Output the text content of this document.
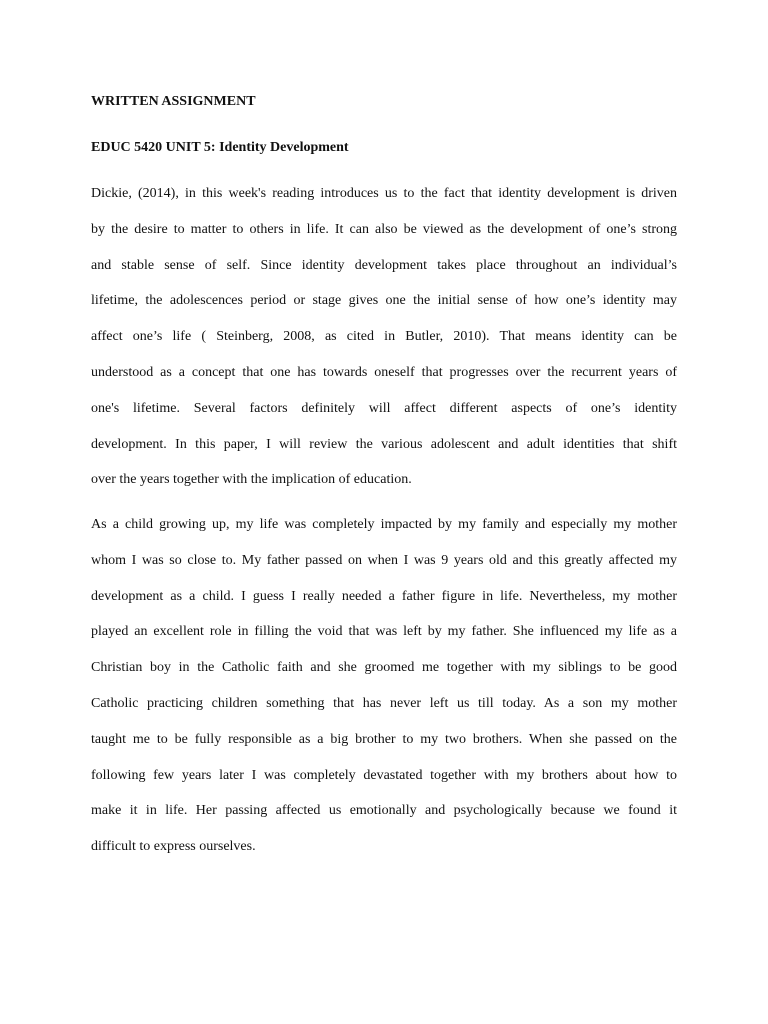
WRITTEN ASSIGNMENT
EDUC 5420 UNIT 5: Identity Development
Dickie, (2014), in this week's reading introduces us to the fact that identity development is driven
by the desire to matter to others in life. It can also be viewed as the development of one’s strong
and stable sense of self. Since identity development takes place throughout an individual’s
lifetime, the adolescences period or stage gives one the initial sense of how one’s identity may
affect one’s life ( Steinberg, 2008, as cited in Butler, 2010). That means identity can be
understood as a concept that one has towards oneself that progresses over the recurrent years of
one's lifetime. Several factors definitely will affect different aspects of one’s identity
development. In this paper, I will review the various adolescent and adult identities that shift
over the years together with the implication of education.
As a child growing up, my life was completely impacted by my family and especially my mother
whom I was so close to. My father passed on when I was 9 years old and this greatly affected my
development as a child. I guess I really needed a father figure in life. Nevertheless, my mother
played an excellent role in filling the void that was left by my father. She influenced my life as a
Christian boy in the Catholic faith and she groomed me together with my siblings to be good
Catholic practicing children something that has never left us till today. As a son my mother
taught me to be fully responsible as a big brother to my two brothers. When she passed on the
following few years later I was completely devastated together with my brothers about how to
make it in life. Her passing affected us emotionally and psychologically because we found it
difficult to express ourselves.
